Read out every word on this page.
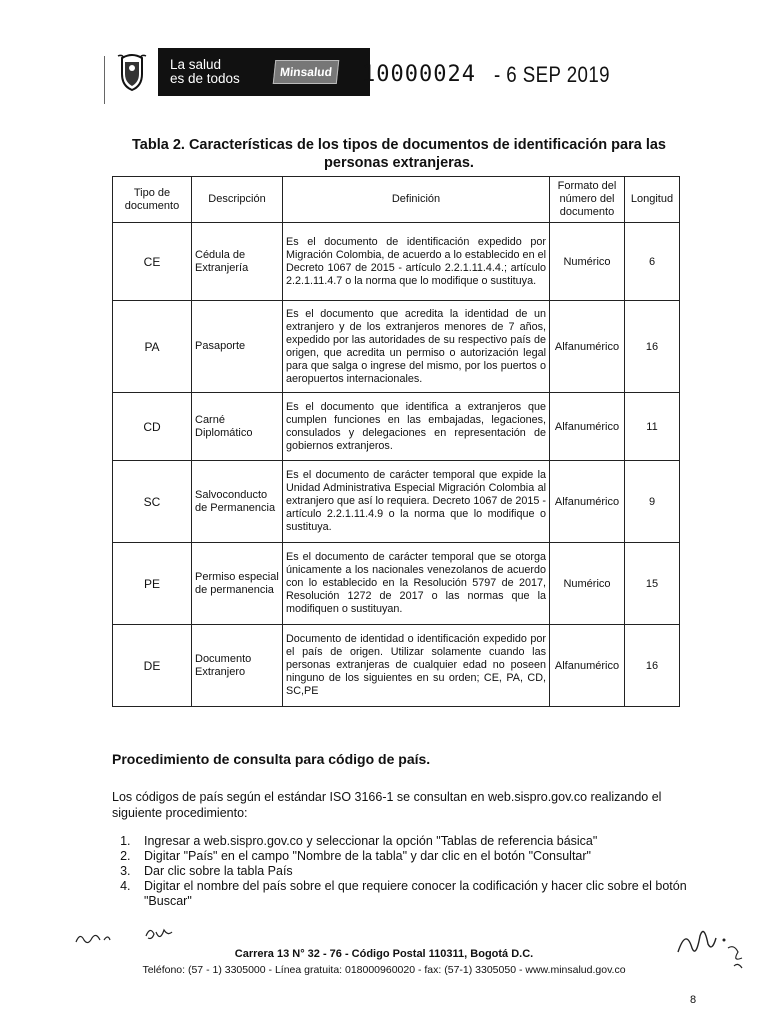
La salud
es de todos	Minsalud 10000024 - 6 SEP 2019
Tabla 2. Características de los tipos de documentos de identificación para las personas extranjeras.
Tipo de documento	Descripción	Definición	Formato del número del documento	Longitud
CE	Cédula de Extranjería	Es el documento de identificación expedido por Migración Colombia, de acuerdo a lo establecido en el Decreto 1067 de 2015 - artículo 2.2.1.11.4.4.; artículo 2.2.1.11.4.7 o la norma que lo modifique o sustituya.	Numérico	6
PA	Pasaporte	Es el documento que acredita la identidad de un extranjero y de los extranjeros menores de 7 años, expedido por las autoridades de su respectivo país de origen, que acredita un permiso o autorización legal para que salga o ingrese del mismo, por los puertos o aeropuertos internacionales.	Alfanumérico	16
CD	Carné Diplomático	Es el documento que identifica a extranjeros que cumplen funciones en las embajadas, legaciones, consulados y delegaciones en representación de gobiernos extranjeros.	Alfanumérico	11
SC	Salvoconducto de Permanencia	Es el documento de carácter temporal que expide la Unidad Administrativa Especial Migración Colombia al extranjero que así lo requiera. Decreto 1067 de 2015 - artículo 2.2.1.11.4.9 o la norma que lo modifique o sustituya.	Alfanumérico	9
PE	Permiso especial de permanencia	Es el documento de carácter temporal que se otorga únicamente a los nacionales venezolanos de acuerdo con lo establecido en la Resolución 5797 de 2017, Resolución 1272 de 2017 o las normas que la modifiquen o sustituyan.	Numérico	15
DE	Documento Extranjero	Documento de identidad o identificación expedido por el país de origen. Utilizar solamente cuando las personas extranjeras de cualquier edad no poseen ninguno de los siguientes en su orden; CE, PA, CD, SC,PE	Alfanumérico	16
Procedimiento de consulta para código de país.
Los códigos de país según el estándar ISO 3166-1 se consultan en web.sispro.gov.co realizando el siguiente procedimiento:
1. Ingresar a web.sispro.gov.co y seleccionar la opción "Tablas de referencia básica"
2. Digitar "País" en el campo "Nombre de la tabla" y dar clic en el botón "Consultar"
3. Dar clic sobre la tabla País
4. Digitar el nombre del país sobre el que requiere conocer la codificación y hacer clic sobre el botón "Buscar"
Carrera 13 N° 32 - 76 - Código Postal 110311, Bogotá D.C.
Teléfono: (57 - 1) 3305000 - Línea gratuita: 018000960020 - fax: (57-1) 3305050 - www.minsalud.gov.co
8
